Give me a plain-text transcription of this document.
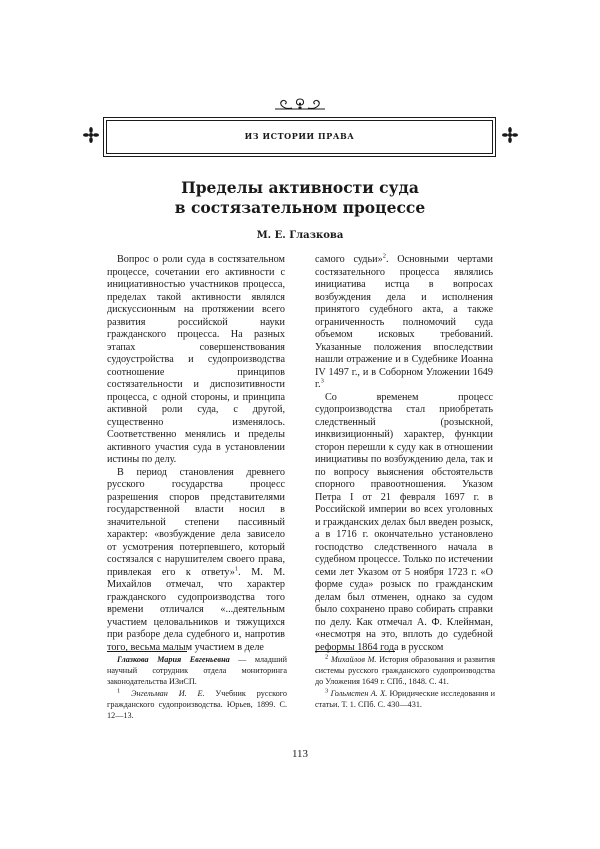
ИЗ ИСТОРИИ ПРАВА
Пределы активности суда
в состязательном процессе
М. Е. Глазкова

Вопрос о роли суда в состязательном процессе, сочетании его активности с инициативностью участников процесса, пределах такой активности являлся дискуссионным на протяжении всего развития российской науки гражданского процесса. На разных этапах совершенствования судоустройства и судопроизводства соотношение принципов состязательности и диспозитивности процесса, с одной стороны, и принципа активной роли суда, с другой, существенно изменялось. Соответственно менялись и пределы активного участия суда в установлении истины по делу.

В период становления древнего русского государства процесс разрешения споров представителями государственной власти носил в значительной степени пассивный характер: «возбуждение дела зависело от усмотрения потерпевшего, который состязался с нарушителем своего права, привлекая его к ответу»$^1$. М. М. Михайлов отмечал, что характер гражданского судопроизводства того времени отличался «...деятельным участием целовальников и тяжущихся при разборе дела судебного и, напротив того, весьма малым участием в деле

самого судьи»$^2$. Основными чертами состязательного процесса являлись инициатива истца в вопросах возбуждения дела и исполнения принятого судебного акта, а также ограниченность полномочий суда объемом исковых требований. Указанные положения впоследствии нашли отражение и в Судебнике Иоанна IV 1497 г., и в Соборном Уложении 1649 г.$^3$

Со временем процесс судопроизводства стал приобретать следственный (розыскной, инквизиционный) характер, функции сторон перешли к суду как в отношении инициативы по возбуждению дела, так и по вопросу выяснения обстоятельств спорного правоотношения. Указом Петра I от 21 февраля 1697 г. в Российской империи во всех уголовных и гражданских делах был введен розыск, а в 1716 г. окончательно установлено господство следственного начала в судебном процессе. Только по истечении семи лет Указом от 5 ноября 1723 г. «О форме суда» розыск по гражданским делам был отменен, однако за судом было сохранено право собирать справки по делу. Как отмечал А. Ф. Клейнман, «несмотря на это, вплоть до судебной реформы 1864 года в русском

Глазкова Мария Евгеньевна — младший научный сотрудник отдела мониторинга законодательства ИЗиСП.

$^1$ Энгельман И. Е. Учебник русского гражданского судопроизводства. Юрьев, 1899. С. 12—13.

$^2$ Михайлов М. История образования и развития системы русского гражданского судопроизводства до Уложения 1649 г. СПб., 1848. С. 41.

$^3$ Гольмстен А. Х. Юридические исследования и статьи. Т. 1. СПб. С. 430—431.

113
